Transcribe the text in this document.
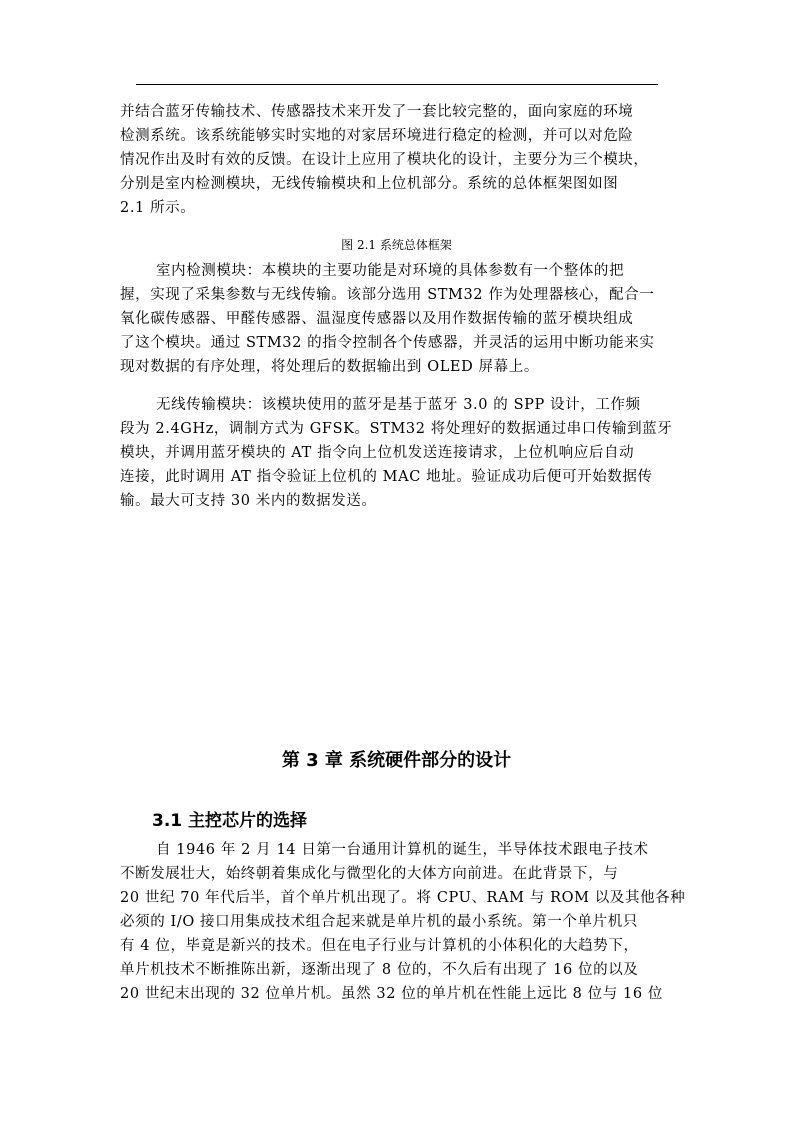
并结合蓝牙传输技术、传感器技术来开发了一套比较完整的，面向家庭的环境
检测系统。该系统能够实时实地的对家居环境进行稳定的检测，并可以对危险
情况作出及时有效的反馈。在设计上应用了模块化的设计，主要分为三个模块，
分别是室内检测模块，无线传输模块和上位机部分。系统的总体框架图如图
2.1 所示。
图 2.1 系统总体框架
室内检测模块：本模块的主要功能是对环境的具体参数有一个整体的把
握，实现了采集参数与无线传输。该部分选用 STM32 作为处理器核心，配合一
氧化碳传感器、甲醛传感器、温湿度传感器以及用作数据传输的蓝牙模块组成
了这个模块。通过 STM32 的指令控制各个传感器，并灵活的运用中断功能来实
现对数据的有序处理，将处理后的数据输出到 OLED 屏幕上。
无线传输模块：该模块使用的蓝牙是基于蓝牙 3.0 的 SPP 设计，工作频
段为 2.4GHz，调制方式为 GFSK。STM32 将处理好的数据通过串口传输到蓝牙
模块，并调用蓝牙模块的 AT 指令向上位机发送连接请求，上位机响应后自动
连接，此时调用 AT 指令验证上位机的 MAC 地址。验证成功后便可开始数据传
输。最大可支持 30 米内的数据发送。
第 3 章 系统硬件部分的设计
3.1 主控芯片的选择
自 1946 年 2 月 14 日第一台通用计算机的诞生，半导体技术跟电子技术
不断发展壮大，始终朝着集成化与微型化的大体方向前进。在此背景下，与
20 世纪 70 年代后半，首个单片机出现了。将 CPU、RAM 与 ROM 以及其他各种
必须的 I/O 接口用集成技术组合起来就是单片机的最小系统。第一个单片机只
有 4 位，毕竟是新兴的技术。但在电子行业与计算机的小体积化的大趋势下，
单片机技术不断推陈出新，逐渐出现了 8 位的，不久后有出现了 16 位的以及
20 世纪末出现的 32 位单片机。虽然 32 位的单片机在性能上远比 8 位与 16 位
